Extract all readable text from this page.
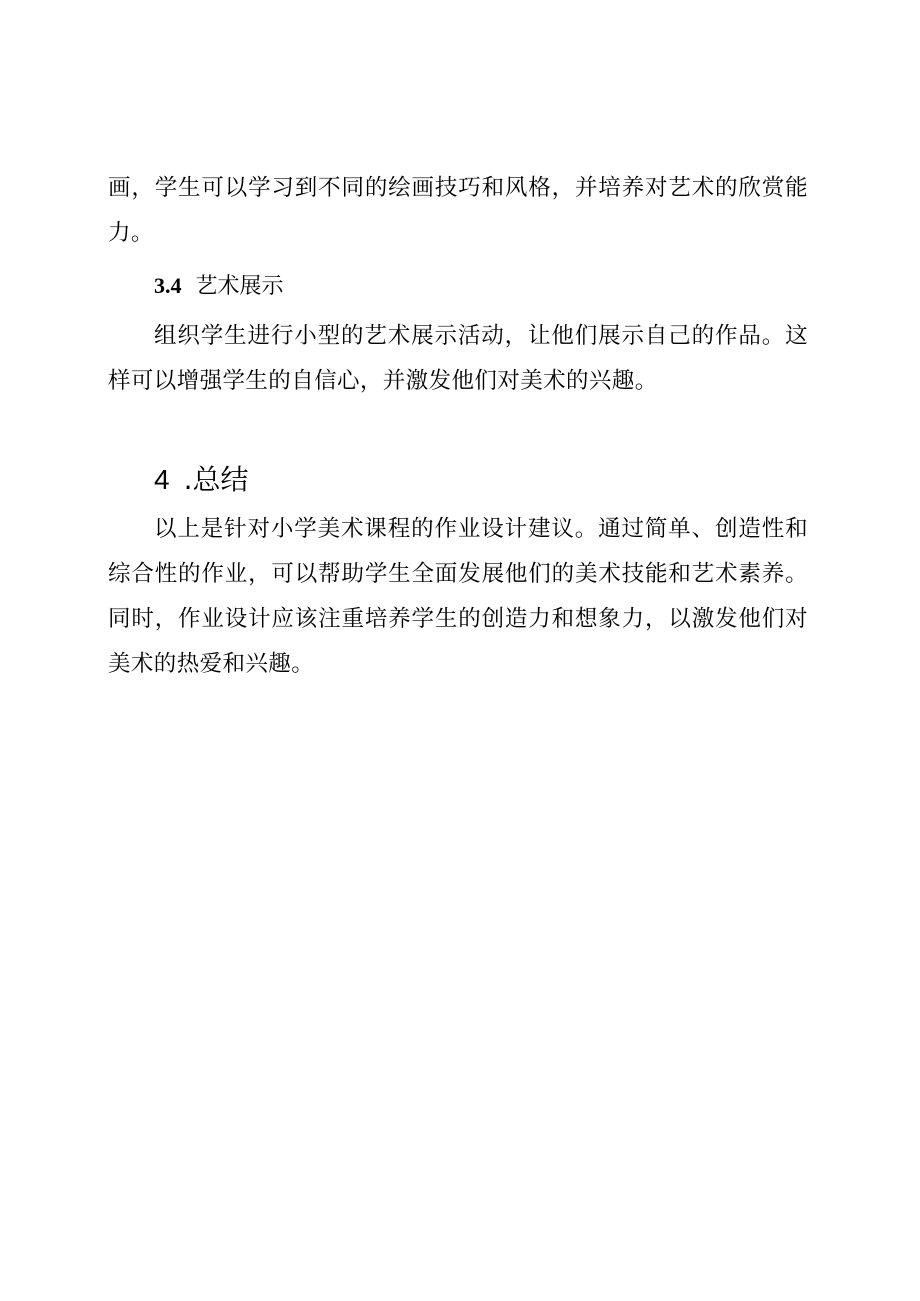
画，学生可以学习到不同的绘画技巧和风格，并培养对艺术的欣赏能力。

3.4 艺术展示

组织学生进行小型的艺术展示活动，让他们展示自己的作品。这样可以增强学生的自信心，并激发他们对美术的兴趣。

4 .总结

以上是针对小学美术课程的作业设计建议。通过简单、创造性和综合性的作业，可以帮助学生全面发展他们的美术技能和艺术素养。同时，作业设计应该注重培养学生的创造力和想象力，以激发他们对美术的热爱和兴趣。
